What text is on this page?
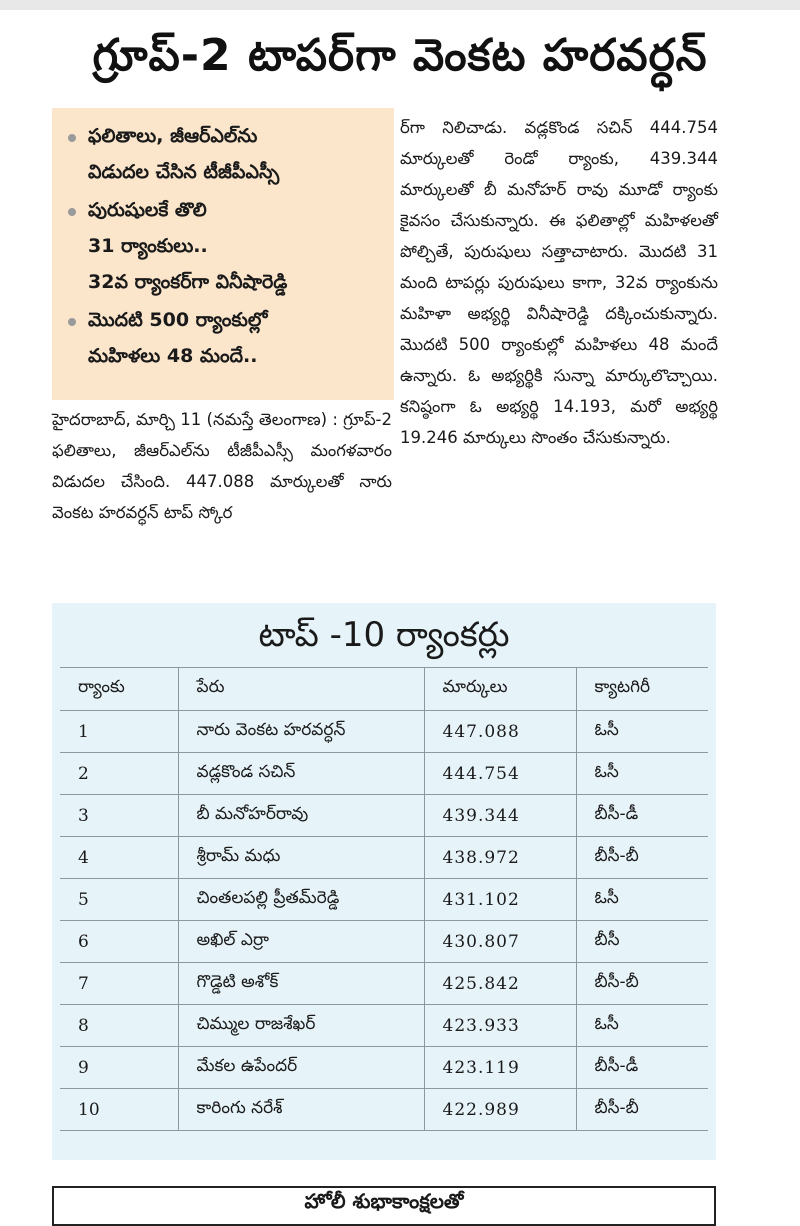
గ్రూప్‌-2 టాపర్‌గా వెంకట హరవర్ధన్‌
ఫలితాలు, జీఆర్‌ఎల్‌ను
విడుదల చేసిన టీజీపీఎస్సీ
పురుషులకే తొలి
31 ర్యాంకులు..
32వ ర్యాంకర్‌గా వినీషారెడ్డి
మొదటి 500 ర్యాంకుల్లో
మహిళలు 48 మందే..
హైదరాబాద్‌, మార్చి 11 (నమస్తే తెలంగాణ) : గ్రూప్‌-2 ఫలితాలు, జీఆర్‌ఎల్‌ను టీజీపీఎస్సీ మంగళవారం విడుదల చేసింది. 447.088 మార్కులతో నారు వెంకట హరవర్ధన్‌ టాప్‌ స్కోర
ర్‌గా నిలిచాడు. వడ్లకొండ సచిన్‌ 444.754 మార్కులతో రెండో ర్యాంకు, 439.344 మార్కులతో బీ మనోహర్‌ రావు మూడో ర్యాంకు కైవసం చేసుకున్నారు. ఈ ఫలితాల్లో మహిళలతో పోల్చితే, పురుషులు సత్తాచాటారు. మొదటి 31 మంది టాపర్లు పురుషులు కాగా, 32వ ర్యాంకును మహిళా అభ్యర్థి వినీషారెడ్డి దక్కించుకున్నారు. మొదటి 500 ర్యాంకుల్లో మహిళలు 48 మందే ఉన్నారు. ఓ అభ్యర్థికి సున్నా మార్కులొచ్చాయి. కనిష్ఠంగా ఓ అభ్యర్థి 14.193, మరో అభ్యర్థి 19.246 మార్కులు సొంతం చేసుకున్నారు.
టాప్‌ -10 ర్యాంకర్లు
ర్యాంకు	పేరు	మార్కులు	క్యాటగిరీ
1	నారు వెంకట హరవర్ధన్‌	447.088	ఓసీ
2	వడ్లకొండ సచిన్‌	444.754	ఓసీ
3	బీ మనోహర్‌రావు	439.344	బీసీ-డీ
4	శ్రీరామ్‌ మధు	438.972	బీసీ-బీ
5	చింతలపల్లి ప్రీతమ్‌రెడ్డి	431.102	ఓసీ
6	అఖిల్‌ ఎర్రా	430.807	బీసీ
7	గొడ్డెటి అశోక్‌	425.842	బీసీ-బీ
8	చిమ్ముల రాజశేఖర్‌	423.933	ఓసీ
9	మేకల ఉపేందర్‌	423.119	బీసీ-డీ
10	కారింగు నరేశ్‌	422.989	బీసీ-బీ
హోలీ శుభాకాంక్షలతో
